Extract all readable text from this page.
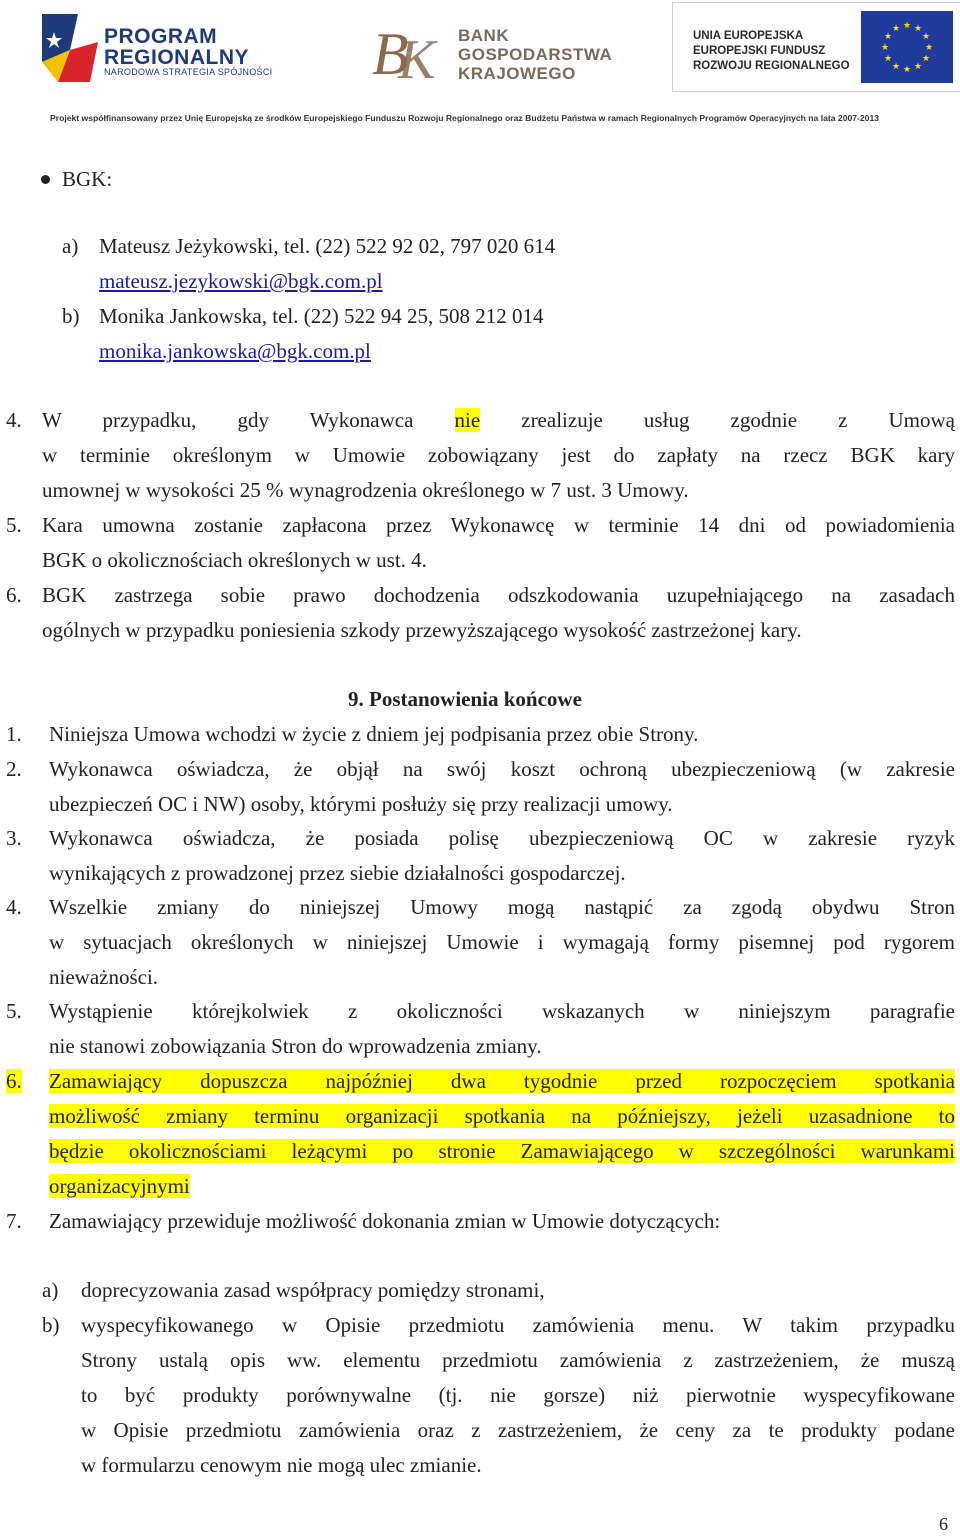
PROGRAM
REGIONALNY
NARODOWA STRATEGIA SPÓJNOŚCI B
K BANK
GOSPODARSTWA
KRAJOWEGO
UNIA EUROPEJSKA
EUROPEJSKI FUNDUSZ
ROZWOJU REGIONALNEGO
★ ★
★
★
★
★
★
★
★
★
★
★
Projekt współfinansowany przez Unię Europejską ze środków Europejskiego Funduszu Rozwoju Regionalnego oraz Budżetu Państwa w ramach Regionalnych Programów Operacyjnych na lata 2007-2013
BGK:
a) Mateusz Jeżykowski, tel. (22) 522 92 02, 797 020 614
mateusz.jezykowski@bgk.com.pl
b) Monika Jankowska, tel. (22) 522 94 25, 508 212 014
monika.jankowska@bgk.com.pl
4. W przypadku, gdy Wykonawca nie zrealizuje usług zgodnie z Umową
w terminie określonym w Umowie zobowiązany jest do zapłaty na rzecz BGK kary
umownej w wysokości 25 % wynagrodzenia określonego w 7 ust. 3 Umowy.
5. Kara umowna zostanie zapłacona przez Wykonawcę w terminie 14 dni od powiadomienia
BGK o okolicznościach określonych w ust. 4.
6. BGK zastrzega sobie prawo dochodzenia odszkodowania uzupełniającego na zasadach
ogólnych w przypadku poniesienia szkody przewyższającego wysokość zastrzeżonej kary.
9. Postanowienia końcowe
1. Niniejsza Umowa wchodzi w życie z dniem jej podpisania przez obie Strony.
2. Wykonawca oświadcza, że objął na swój koszt ochroną ubezpieczeniową (w zakresie
ubezpieczeń OC i NW) osoby, którymi posłuży się przy realizacji umowy.
3. Wykonawca oświadcza, że posiada polisę ubezpieczeniową OC w zakresie ryzyk
wynikających z prowadzonej przez siebie działalności gospodarczej.
4. Wszelkie zmiany do niniejszej Umowy mogą nastąpić za zgodą obydwu Stron
w sytuacjach określonych w niniejszej Umowie i wymagają formy pisemnej pod rygorem
nieważności.
5. Wystąpienie którejkolwiek z okoliczności wskazanych w niniejszym paragrafie
nie stanowi zobowiązania Stron do wprowadzenia zmiany.
6. Zamawiający dopuszcza najpóźniej dwa tygodnie przed rozpoczęciem spotkania
możliwość zmiany terminu organizacji spotkania na późniejszy, jeżeli uzasadnione to
będzie okolicznościami leżącymi po stronie Zamawiającego w szczególności warunkami
organizacyjnymi
7. Zamawiający przewiduje możliwość dokonania zmian w Umowie dotyczących:
a) doprecyzowania zasad współpracy pomiędzy stronami,
b) wyspecyfikowanego w Opisie przedmiotu zamówienia menu. W takim przypadku
Strony ustalą opis ww. elementu przedmiotu zamówienia z zastrzeżeniem, że muszą
to być produkty porównywalne (tj. nie gorsze) niż pierwotnie wyspecyfikowane
w Opisie przedmiotu zamówienia oraz z zastrzeżeniem, że ceny za te produkty podane
w formularzu cenowym nie mogą ulec zmianie.
6
